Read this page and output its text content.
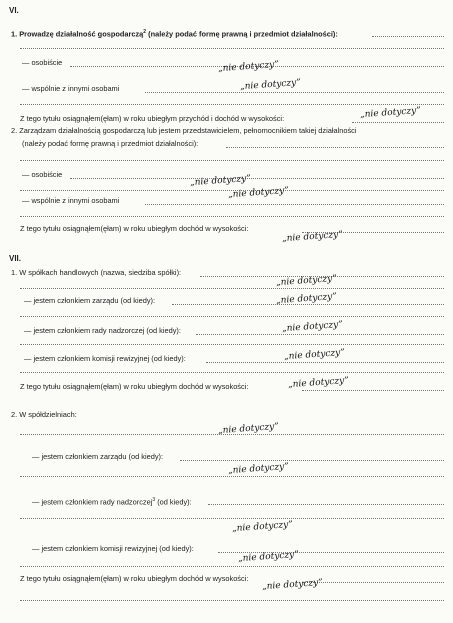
VI.
1. Prowadzę działalność gospodarczą$^2$ (należy podać formę prawną i przedmiot działalności):
— osobiście	„nie dotyczy”
— wspólnie z innymi osobami	„nie dotyczy”
Z tego tytułu osiągnąłem(ęłam) w roku ubiegłym przychód i dochód w wysokości:	„nie dotyczy”
2. Zarządzam działalnością gospodarczą lub jestem przedstawicielem, pełnomocnikiem takiej działalności
(należy podać formę prawną i przedmiot działalności):
— osobiście	„nie dotyczy”
— wspólnie z innymi osobami
„nie dotyczy”
Z tego tytułu osiągnąłem(ęłam) w roku ubiegłym dochód w wysokości:
„nie dotyczy”
VII.
1. W spółkach handlowych (nazwa, siedziba spółki):
„nie dotyczy”
— jestem członkiem zarządu (od kiedy):	„nie dotyczy”
— jestem członkiem rady nadzorczej (od kiedy):	„nie dotyczy”
— jestem członkiem komisji rewizyjnej (od kiedy):	„nie dotyczy”
Z tego tytułu osiągnąłem(ęłam) w roku ubiegłym dochód w wysokości:	„nie dotyczy”
2. W spółdzielniach:
„nie dotyczy”
— jestem członkiem zarządu (od kiedy):
„nie dotyczy”
— jestem członkiem rady nadzorczej$^3$ (od kiedy):
„nie dotyczy”
— jestem członkiem komisji rewizyjnej (od kiedy):
„nie dotyczy”
Z tego tytułu osiągnąłem(ęłam) w roku ubiegłym dochód w wysokości: „nie dotyczy”
